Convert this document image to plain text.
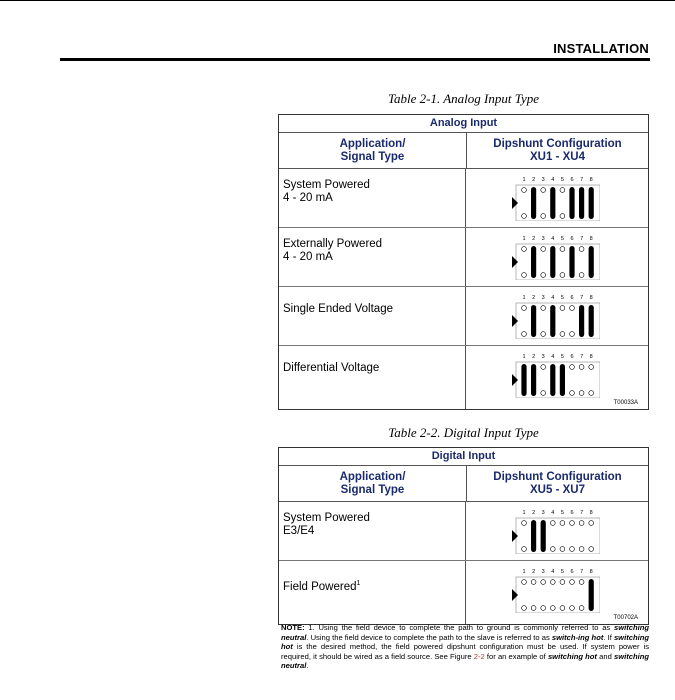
INSTALLATION
Table 2-1. Analog Input Type
Analog Input
Application/
Signal Type
Dipshunt Configuration
XU1 - XU4
System Powered
4 - 20 mA
1 2 3 4 5 6 7 8
Externally Powered
4 - 20 mA
1 2 3 4 5 6 7 8
Single Ended Voltage
1 2 3 4 5 6 7 8
Differential Voltage
1 2 3 4 5 6 7 8
T00033A
Table 2-2. Digital Input Type
Digital Input
Application/
Signal Type
Dipshunt Configuration
XU5 - XU7
System Powered
E3/E4
1 2 3 4 5 6 7 8
Field Powered$^1$
1 2 3 4 5 6 7 8
T00702A
NOTE: 1. Using the field device to complete the path to ground is commonly referred to as switching neutral. Using the field device to complete the path to the slave is referred to as switch-ing hot. If switching hot is the desired method, the field powered dipshunt configuration must be used. If system power is required, it should be wired as a field source. See Figure 2-2 for an example of switching hot and switching neutral.
